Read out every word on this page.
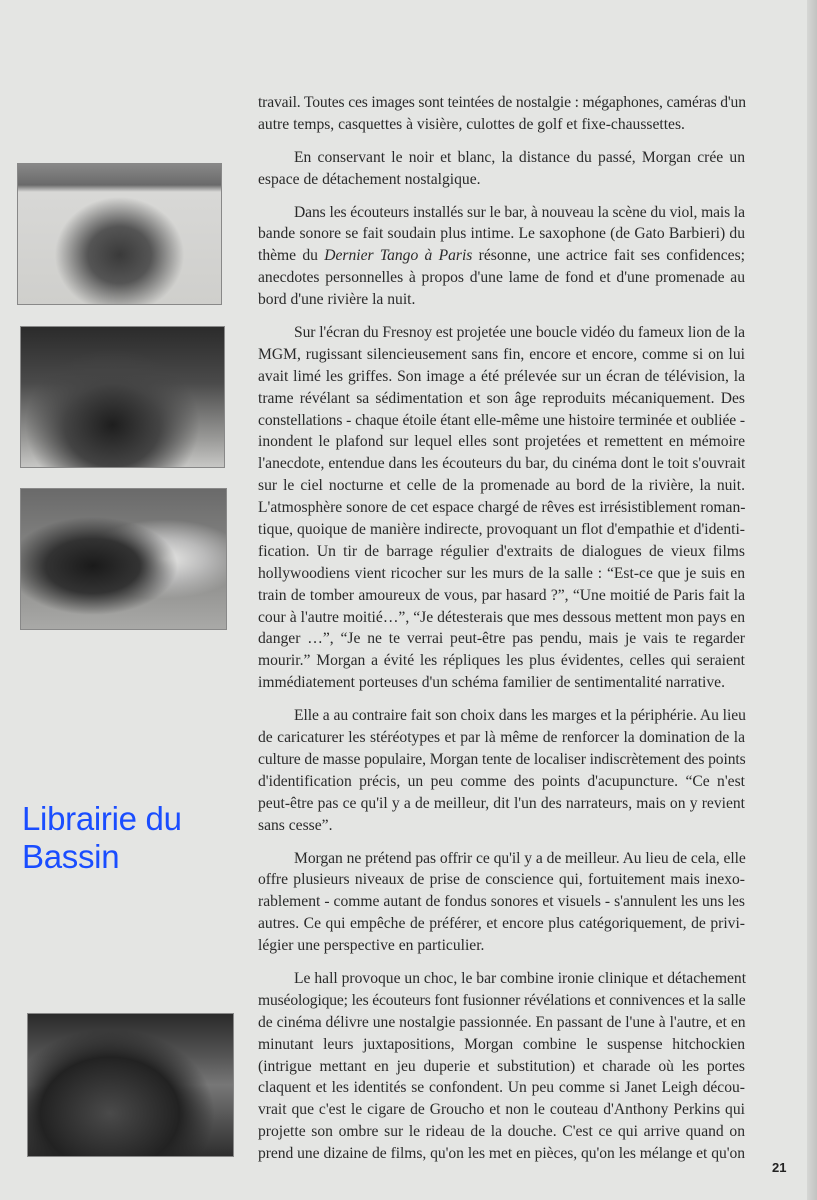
travail. Toutes ces images sont teintées de nostalgie : mégaphones, caméras d'un
autre temps, casquettes à visière, culottes de golf et fixe-chaussettes.
En conservant le noir et blanc, la distance du passé, Morgan crée un
espace de détachement nostalgique.
Dans les écouteurs installés sur le bar, à nouveau la scène du viol, mais la
bande sonore se fait soudain plus intime. Le saxophone (de Gato Barbieri) du
thème du Dernier Tango à Paris résonne, une actrice fait ses confidences;
anecdotes personnelles à propos d'une lame de fond et d'une promenade au
bord d'une rivière la nuit.
Sur l'écran du Fresnoy est projetée une boucle vidéo du fameux lion de la
MGM, rugissant silencieusement sans fin, encore et encore, comme si on lui
avait limé les griffes. Son image a été prélevée sur un écran de télévision, la
trame révélant sa sédimentation et son âge reproduits mécaniquement. Des
constellations - chaque étoile étant elle-même une histoire terminée et oubliée -
inondent le plafond sur lequel elles sont projetées et remettent en mémoire
l'anecdote, entendue dans les écouteurs du bar, du cinéma dont le toit s'ouvrait
sur le ciel nocturne et celle de la promenade au bord de la rivière, la nuit.
L'atmosphère sonore de cet espace chargé de rêves est irrésistiblement roman-
tique, quoique de manière indirecte, provoquant un flot d'empathie et d'identi-
fication. Un tir de barrage régulier d'extraits de dialogues de vieux films
hollywoodiens vient ricocher sur les murs de la salle : “Est-ce que je suis en
train de tomber amoureux de vous, par hasard ?”, “Une moitié de Paris fait la
cour à l'autre moitié…”, “Je détesterais que mes dessous mettent mon pays en
danger …”, “Je ne te verrai peut-être pas pendu, mais je vais te regarder
mourir.” Morgan a évité les répliques les plus évidentes, celles qui seraient
immédiatement porteuses d'un schéma familier de sentimentalité narrative.
Elle a au contraire fait son choix dans les marges et la périphérie. Au lieu
de caricaturer les stéréotypes et par là même de renforcer la domination de la
culture de masse populaire, Morgan tente de localiser indiscrètement des points
d'identification précis, un peu comme des points d'acupuncture. “Ce n'est
peut-être pas ce qu'il y a de meilleur, dit l'un des narrateurs, mais on y revient
sans cesse”.
Morgan ne prétend pas offrir ce qu'il y a de meilleur. Au lieu de cela, elle
offre plusieurs niveaux de prise de conscience qui, fortuitement mais inexo-
rablement - comme autant de fondus sonores et visuels - s'annulent les uns les
autres. Ce qui empêche de préférer, et encore plus catégoriquement, de privi-
légier une perspective en particulier.
Le hall provoque un choc, le bar combine ironie clinique et détachement
muséologique; les écouteurs font fusionner révélations et connivences et la salle
de cinéma délivre une nostalgie passionnée. En passant de l'une à l'autre, et en
minutant leurs juxtapositions, Morgan combine le suspense hitchockien
(intrigue mettant en jeu duperie et substitution) et charade où les portes
claquent et les identités se confondent. Un peu comme si Janet Leigh décou-
vrait que c'est le cigare de Groucho et non le couteau d'Anthony Perkins qui
projette son ombre sur le rideau de la douche. C'est ce qui arrive quand on
prend une dizaine de films, qu'on les met en pièces, qu'on les mélange et qu'on
Librairie du Bassin
21
